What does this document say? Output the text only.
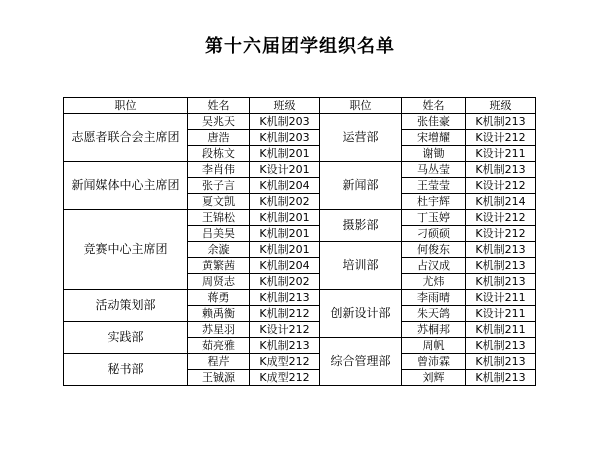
第十六届团学组织名单
职位	姓名	班级	职位	姓名	班级
志愿者联合会主席团	吴兆天	K机制203	运营部	张佳豪	K机制213
	唐浩	K机制203		宋增耀	K设计212
	段栋文	K机制201		谢锄	K设计211
新闻媒体中心主席团	李肖伟	K设计201	新闻部	马丛莹	K机制213
	张子言	K机制204		王莹莹	K设计212
	夏文凯	K机制202		杜宇辉	K机制214
竞赛中心主席团	王锦松	K机制201	摄影部	丁玉婷	K设计212
	吕美昊	K机制201		刁硕硕	K设计212
	余漩	K机制201	培训部	何俊东	K机制213
	黄繁茜	K机制204		占汉成	K机制213
	周贤志	K机制202		尤炜	K机制213
活动策划部	蒋勇	K机制213	创新设计部	李雨晴	K设计211
	赖禹衡	K机制212		朱天鸽	K设计211
实践部	苏星羽	K设计212		苏桐邦	K机制211
	茹亮雅	K机制213	综合管理部	周帆	K机制213
秘书部	程芹	K成型212		曾沛霖	K机制213
	王铖源	K成型212		刘辉	K机制213
